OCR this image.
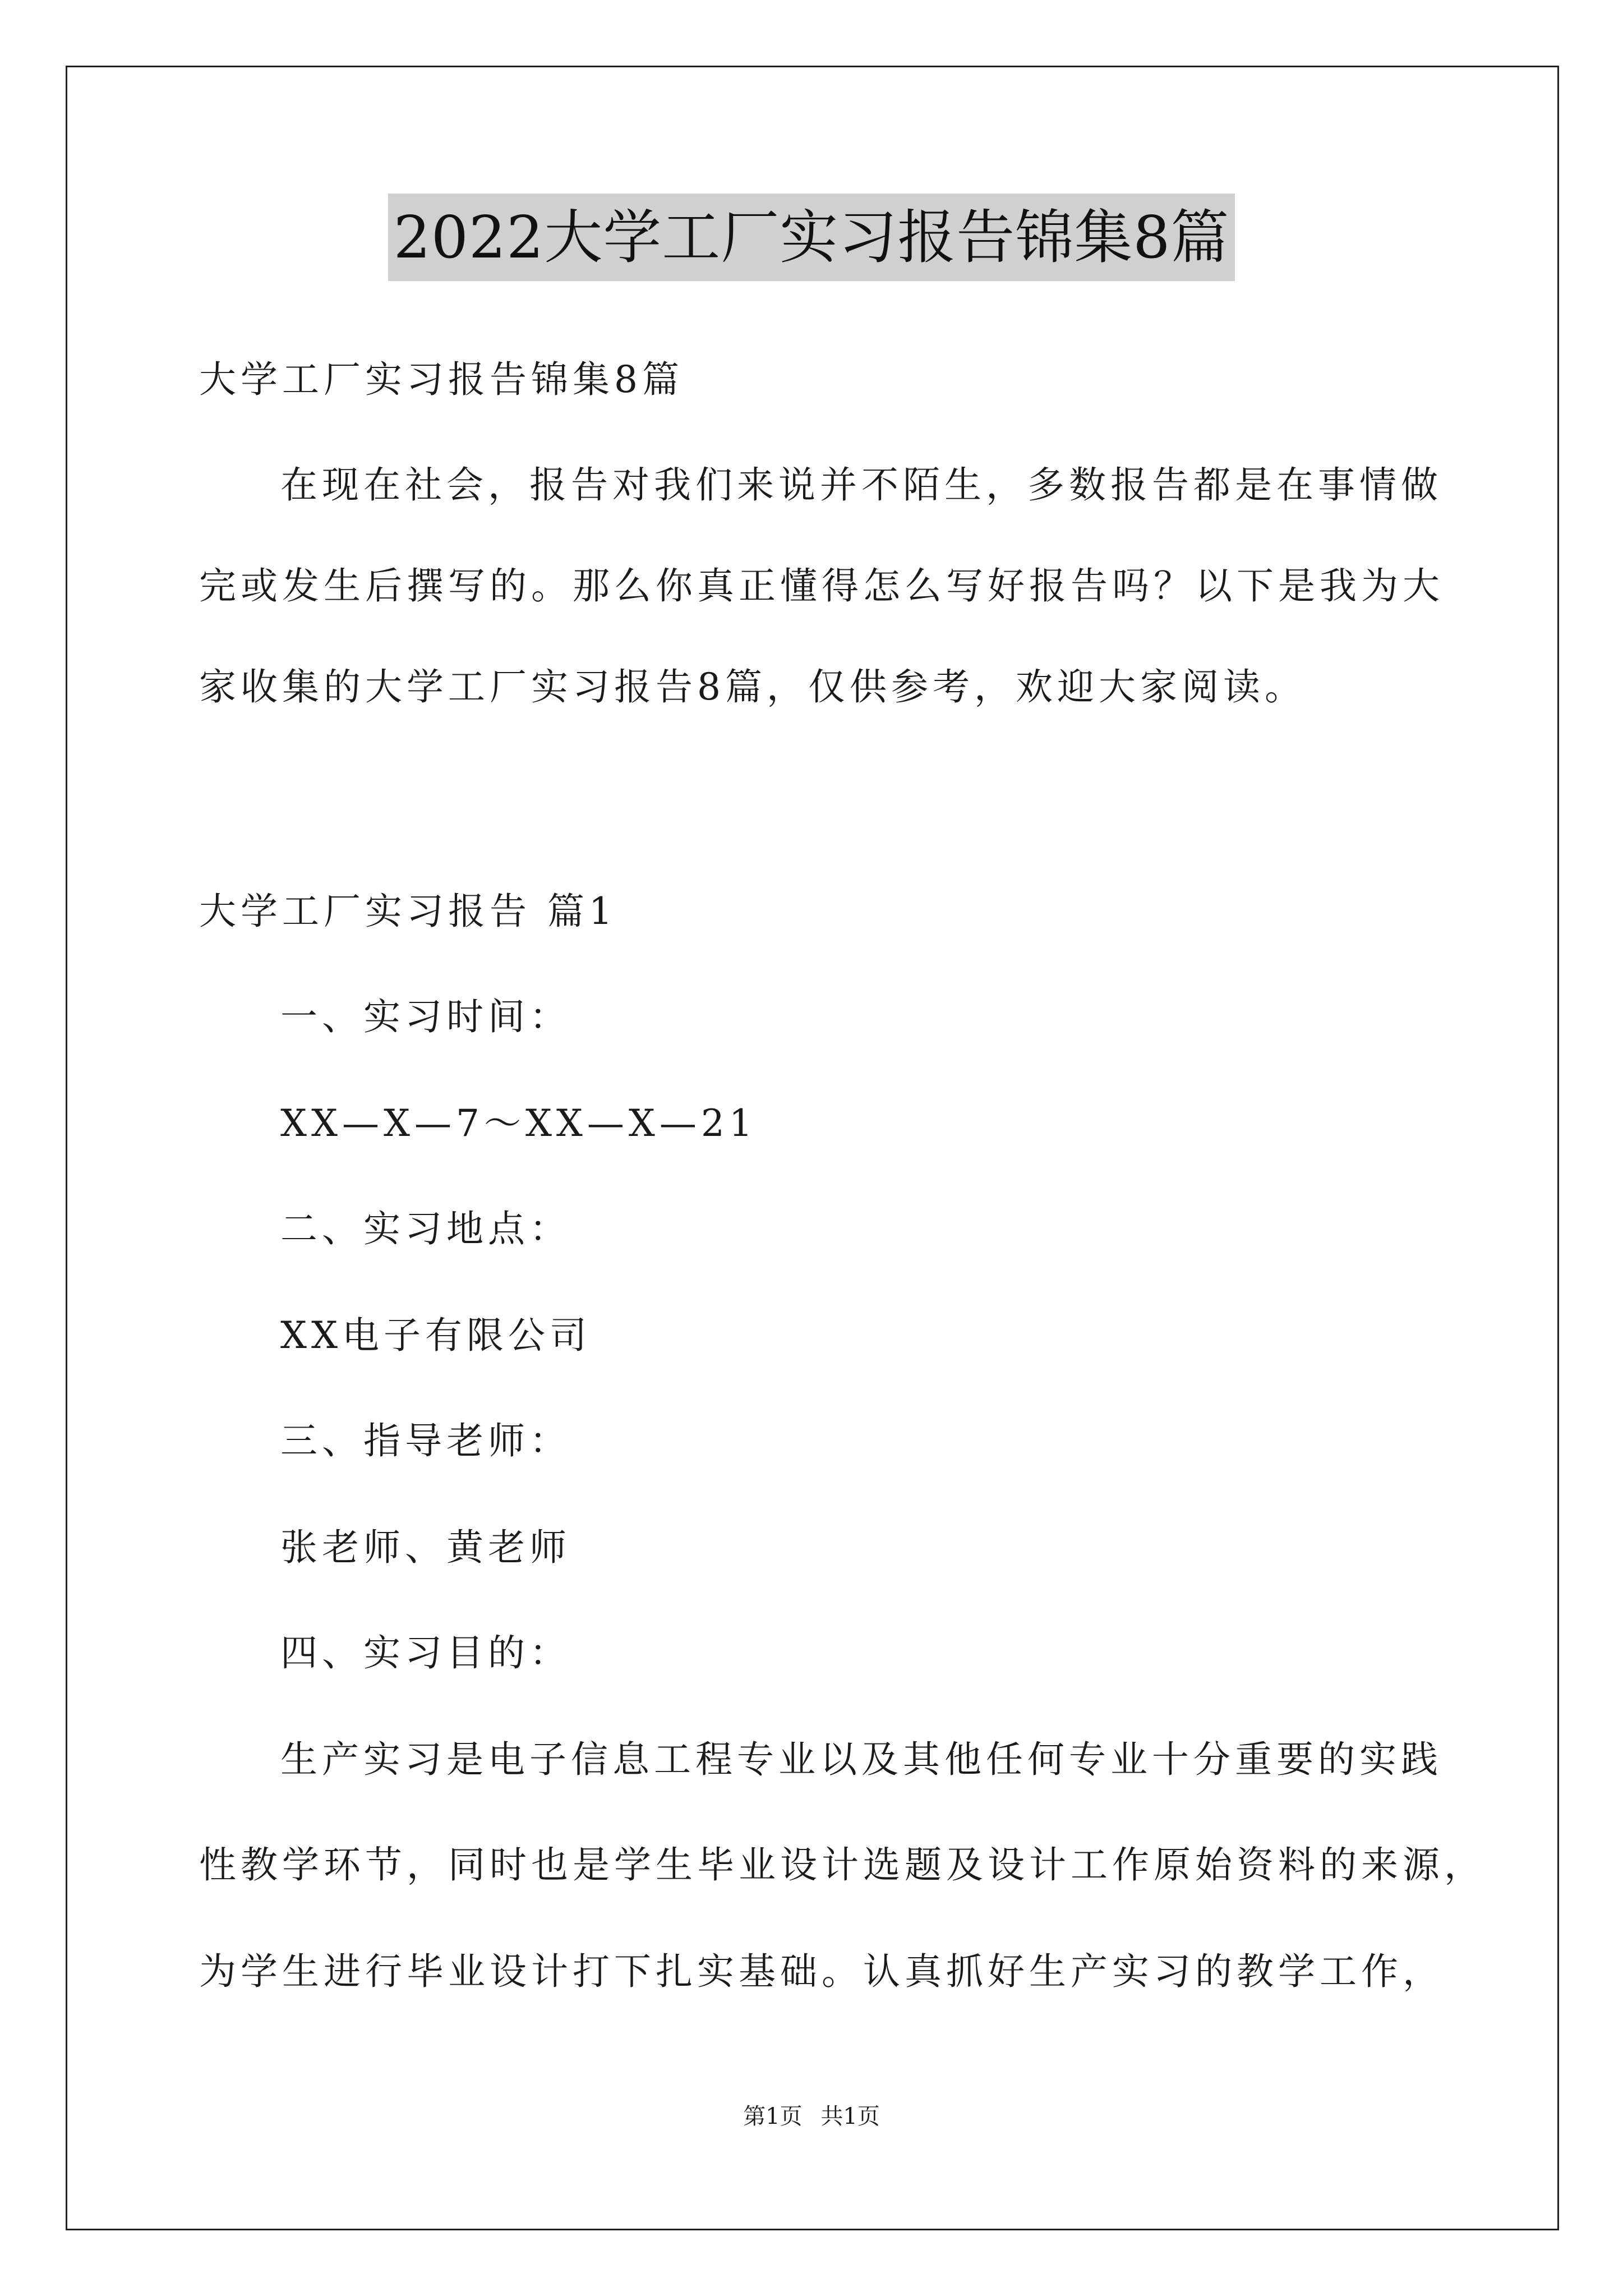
2022大学工厂实习报告锦集8篇
大学工厂实习报告锦集8篇
在现在社会，报告对我们来说并不陌生，多数报告都是在事情做
完或发生后撰写的。那么你真正懂得怎么写好报告吗？以下是我为大
家收集的大学工厂实习报告8篇，仅供参考，欢迎大家阅读。
大学工厂实习报告 篇1
一、实习时间：
XX—X—7～XX—X—21
二、实习地点：
XX电子有限公司
三、指导老师：
张老师、黄老师
四、实习目的：
生产实习是电子信息工程专业以及其他任何专业十分重要的实践
性教学环节，同时也是学生毕业设计选题及设计工作原始资料的来源，
为学生进行毕业设计打下扎实基础。认真抓好生产实习的教学工作，
第1页 共1页
